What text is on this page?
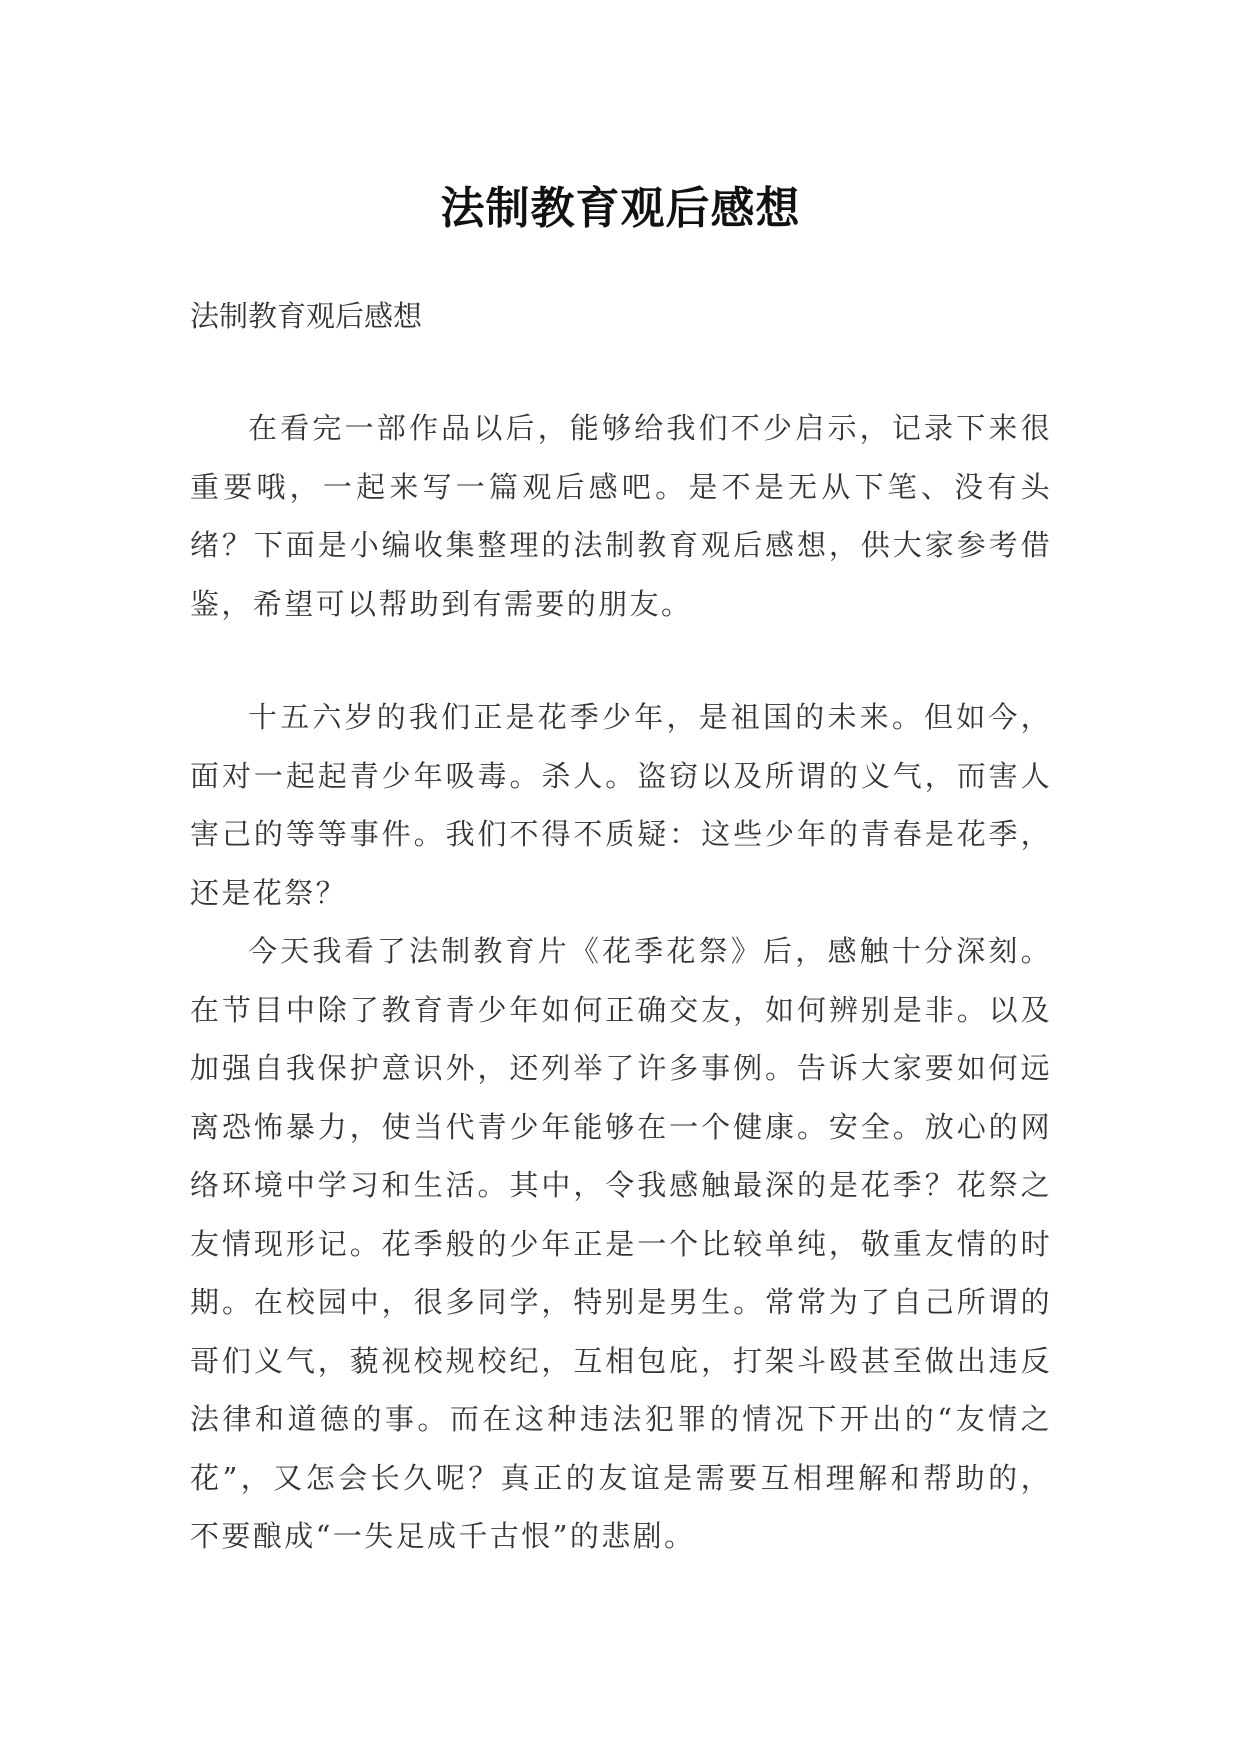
法制教育观后感想

法制教育观后感想

在看完一部作品以后，能够给我们不少启示，记录下来很重要哦，一起来写一篇观后感吧。是不是无从下笔、没有头绪？下面是小编收集整理的法制教育观后感想，供大家参考借鉴，希望可以帮助到有需要的朋友。

十五六岁的我们正是花季少年，是祖国的未来。但如今，面对一起起青少年吸毒。杀人。盗窃以及所谓的义气，而害人害己的等等事件。我们不得不质疑：这些少年的青春是花季，还是花祭？

今天我看了法制教育片《花季花祭》后，感触十分深刻。在节目中除了教育青少年如何正确交友，如何辨别是非。以及加强自我保护意识外，还列举了许多事例。告诉大家要如何远离恐怖暴力，使当代青少年能够在一个健康。安全。放心的网络环境中学习和生活。其中，令我感触最深的是花季？花祭之友情现形记。花季般的少年正是一个比较单纯，敬重友情的时期。在校园中，很多同学，特别是男生。常常为了自己所谓的哥们义气，藐视校规校纪，互相包庇，打架斗殴甚至做出违反法律和道德的事。而在这种违法犯罪的情况下开出的“友情之花”，又怎会长久呢？真正的友谊是需要互相理解和帮助的，不要酿成“一失足成千古恨”的悲剧。
